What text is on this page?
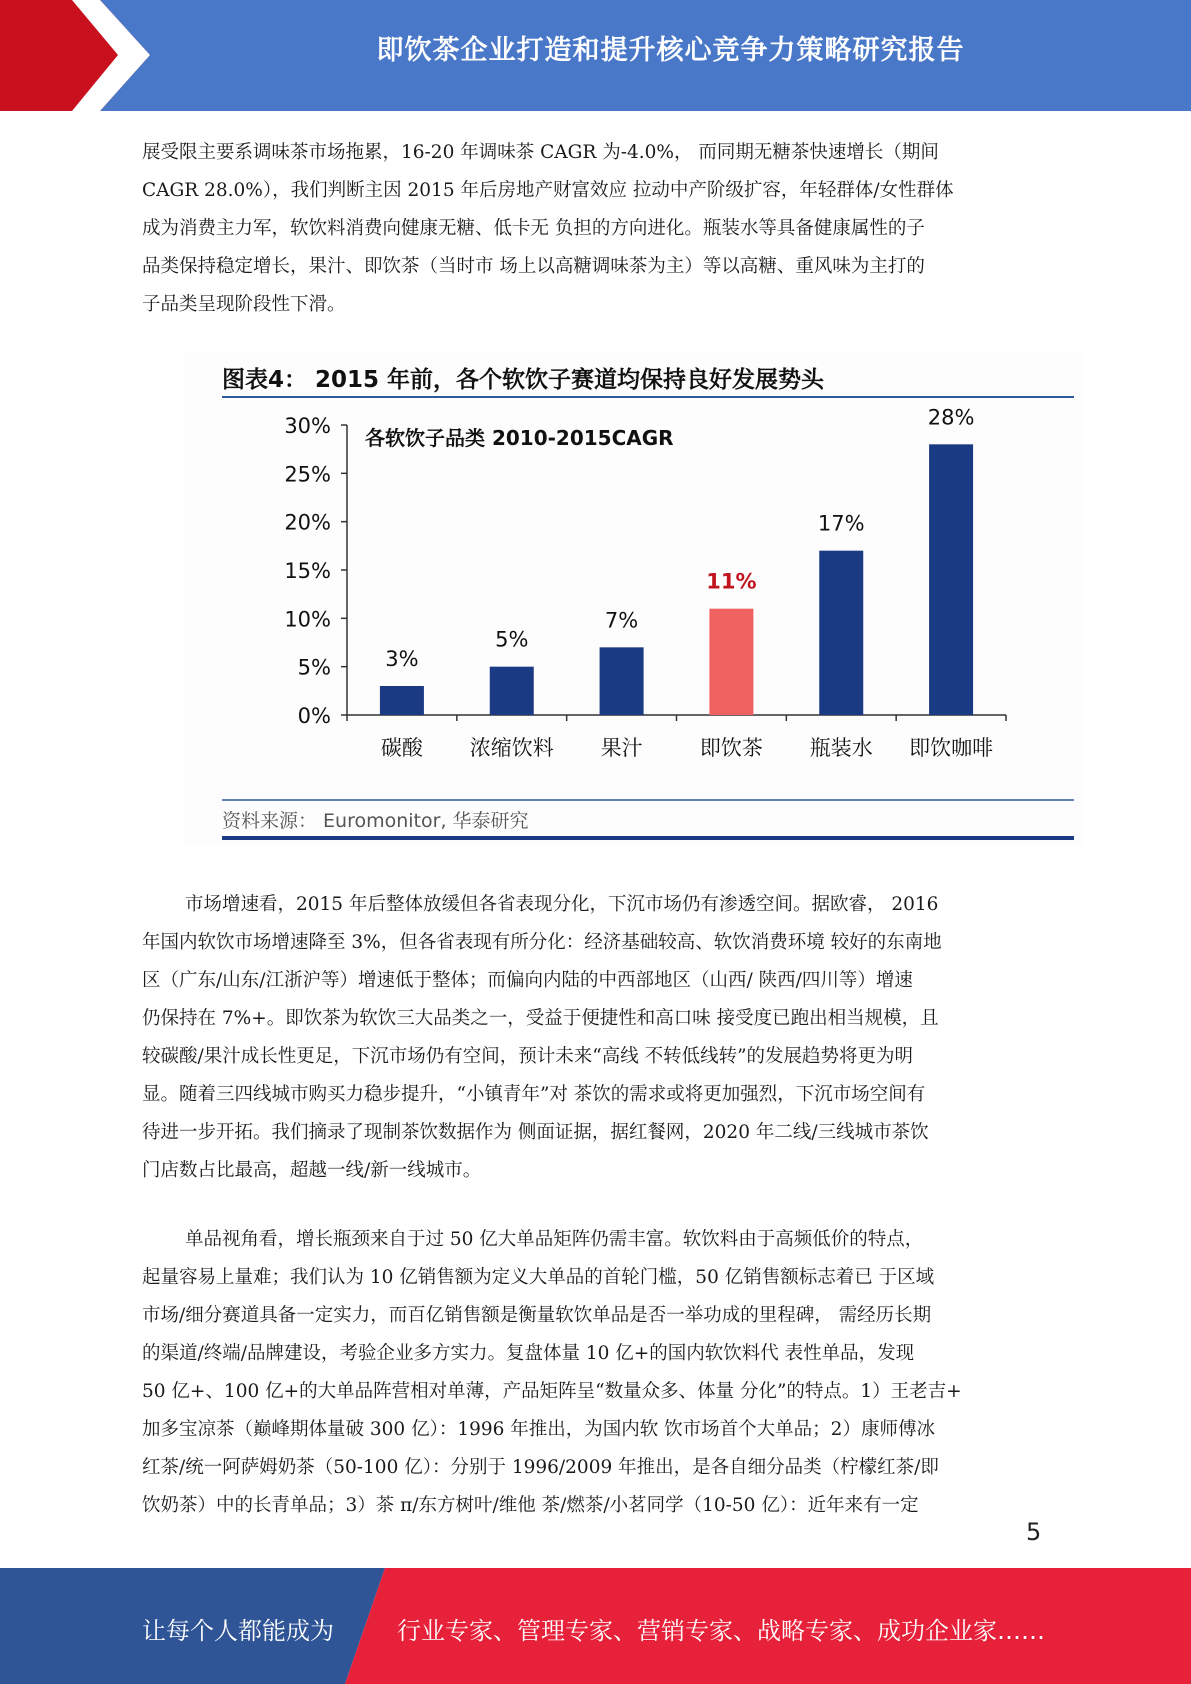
即饮茶企业打造和提升核心竞争力策略研究报告

展受限主要系调味茶市场拖累，16-20 年调味茶 CAGR 为-4.0%， 而同期无糖茶快速增长（期间
CAGR 28.0%），我们判断主因 2015 年后房地产财富效应 拉动中产阶级扩容，年轻群体/女性群体
成为消费主力军，软饮料消费向健康无糖、低卡无 负担的方向进化。瓶装水等具备健康属性的子
品类保持稳定增长，果汁、即饮茶（当时市 场上以高糖调味茶为主）等以高糖、重风味为主打的
子品类呈现阶段性下滑。

图表4： 2015 年前，各个软饮子赛道均保持良好发展势头
各软饮子品类 2010-2015CAGR
0%
5%
10%
15%
20%
25%
30%
3%
碳酸
5%
浓缩饮料
7%
果汁
11%
即饮茶
17%
瓶装水
28%
即饮咖啡
资料来源： Euromonitor, 华泰研究

市场增速看，2015 年后整体放缓但各省表现分化，下沉市场仍有渗透空间。据欧睿， 2016
年国内软饮市场增速降至 3%，但各省表现有所分化：经济基础较高、软饮消费环境 较好的东南地
区（广东/山东/江浙沪等）增速低于整体；而偏向内陆的中西部地区（山西/ 陕西/四川等）增速
仍保持在 7%+。即饮茶为软饮三大品类之一，受益于便捷性和高口味 接受度已跑出相当规模，且
较碳酸/果汁成长性更足，下沉市场仍有空间，预计未来“高线 不转低线转”的发展趋势将更为明
显。随着三四线城市购买力稳步提升，“小镇青年”对 茶饮的需求或将更加强烈，下沉市场空间有
待进一步开拓。我们摘录了现制茶饮数据作为 侧面证据，据红餐网，2020 年二线/三线城市茶饮
门店数占比最高，超越一线/新一线城市。

单品视角看，增长瓶颈来自于过 50 亿大单品矩阵仍需丰富。软饮料由于高频低价的特点，
起量容易上量难；我们认为 10 亿销售额为定义大单品的首轮门槛，50 亿销售额标志着已 于区域
市场/细分赛道具备一定实力，而百亿销售额是衡量软饮单品是否一举功成的里程碑， 需经历长期
的渠道/终端/品牌建设，考验企业多方实力。复盘体量 10 亿+的国内软饮料代 表性单品，发现
50 亿+、100 亿+的大单品阵营相对单薄，产品矩阵呈“数量众多、体量 分化”的特点。1）王老吉+
加多宝凉茶（巅峰期体量破 300 亿）：1996 年推出，为国内软 饮市场首个大单品；2）康师傅冰
红茶/统一阿萨姆奶茶（50-100 亿）：分别于 1996/2009 年推出，是各自细分品类（柠檬红茶/即
饮奶茶）中的长青单品；3）茶 π/东方树叶/维他 茶/燃茶/小茗同学（10-50 亿）：近年来有一定

5
让每个人都能成为	行业专家、管理专家、营销专家、战略专家、成功企业家……
